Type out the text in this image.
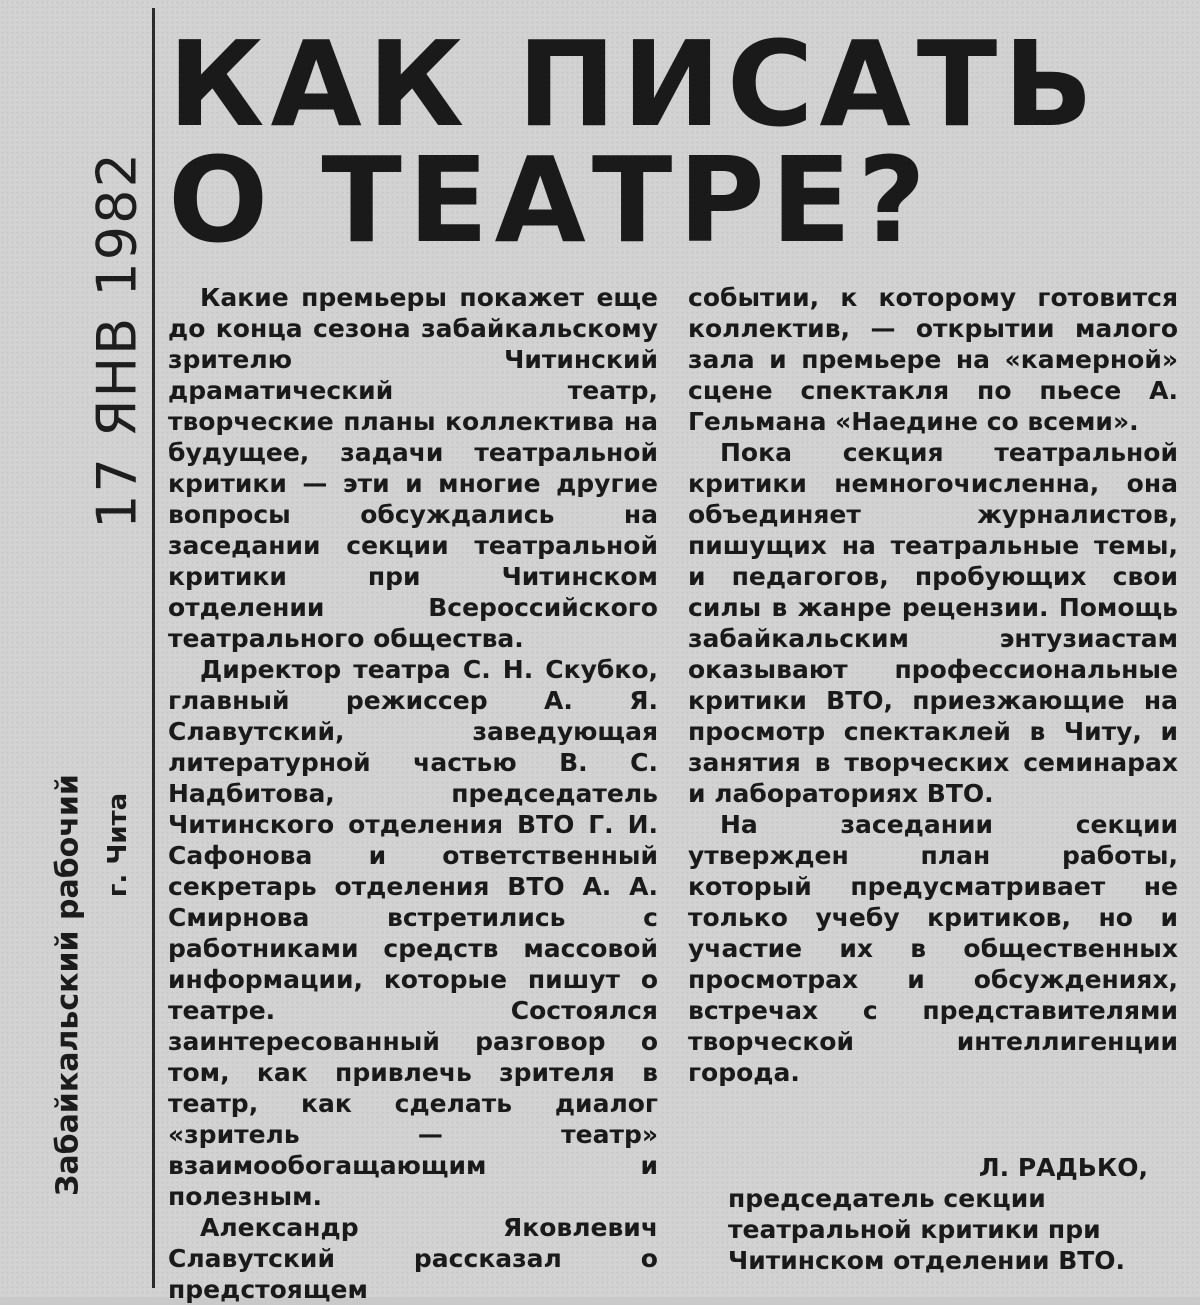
17 ЯНВ 1982
Забайкальский рабочий г. Чита
КАК ПИСАТЬ
О ТЕАТРЕ?

Какие премьеры покажет еще до конца сезона забайкальскому зрителю Читинский драматический театр, творческие планы коллектива на будущее, задачи театральной критики — эти и многие другие вопросы обсуждались на заседании секции театральной критики при Читинском отделении Всероссийского театрального общества.

Директор театра С. Н. Скубко, главный режиссер А. Я. Славутский, заведующая литературной частью В. С. Надбитова, председатель Читинского отделения ВТО Г. И. Сафонова и ответственный секретарь отделения ВТО А. А. Смирнова встретились с работниками средств массовой информации, которые пишут о театре. Состоялся заинтересованный разговор о том, как привлечь зрителя в театр, как сделать диалог «зритель — театр» взаимообогащающим и полезным.

Александр Яковлевич Славутский рассказал о предстоящем

событии, к которому готовится коллектив, — открытии малого зала и премьере на «камерной» сцене спектакля по пьесе А. Гельмана «Наедине со всеми».

Пока секция театральной критики немногочисленна, она объединяет журналистов, пишущих на театральные темы, и педагогов, пробующих свои силы в жанре рецензии. Помощь забайкальским энтузиастам оказывают профессиональные критики ВТО, приезжающие на просмотр спектаклей в Читу, и занятия в творческих семинарах и лабораториях ВТО.

На заседании секции утвержден план работы, который предусматривает не только учебу критиков, но и участие их в общественных просмотрах и обсуждениях, встречах с представителями творческой интеллигенции города.

Л. РАДЬКО,
председатель секции театральной критики при Читинском отделении ВТО.
